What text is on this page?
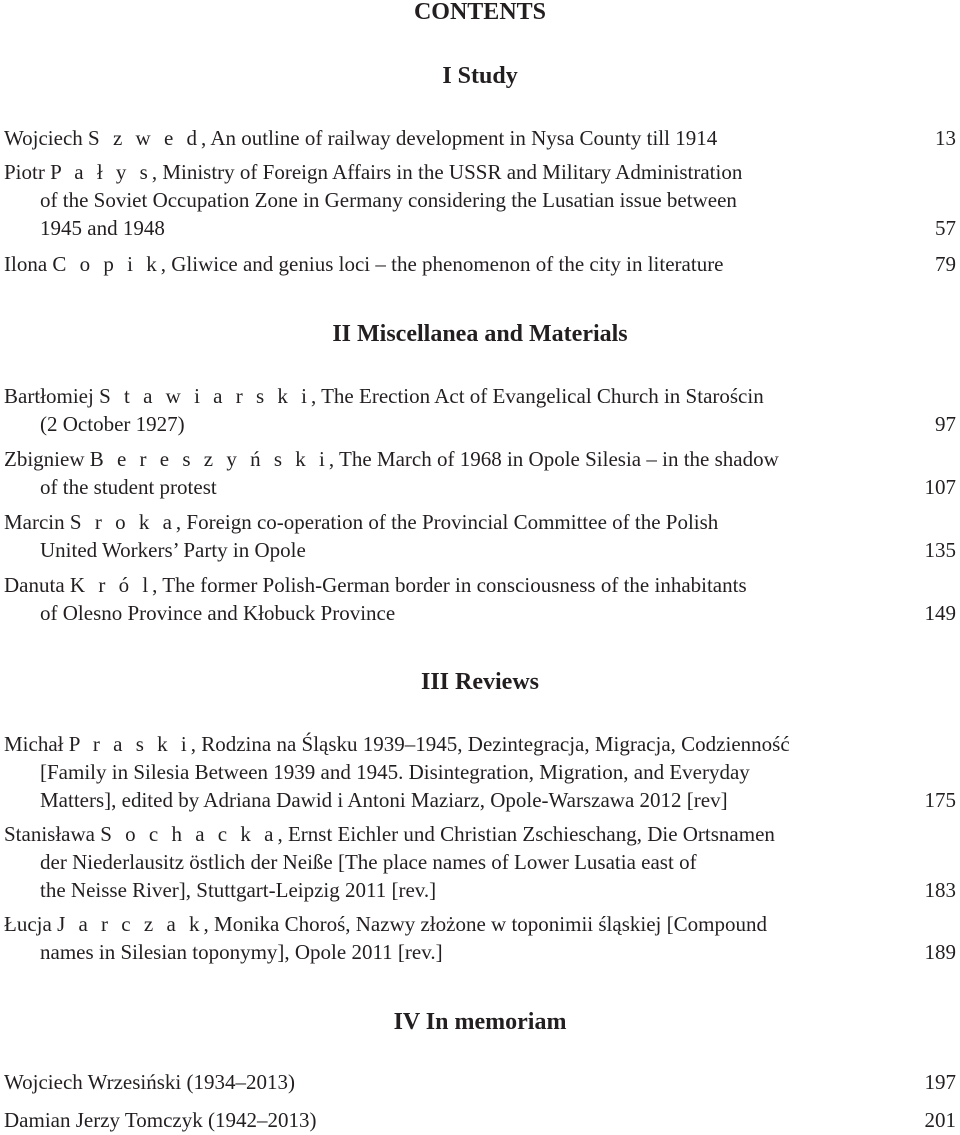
CONTENTS
I Study
Wojciech S z w e d, An outline of railway development in Nysa County till 1914	13
Piotr P a ł y s, Ministry of Foreign Affairs in the USSR and Military Administration
of the Soviet Occupation Zone in Germany considering the Lusatian issue between
1945 and 1948	57
Ilona C o p i k, Gliwice and genius loci – the phenomenon of the city in literature	79
II Miscellanea and Materials
Bartłomiej S t a w i a r s k i, The Erection Act of Evangelical Church in Starościn
(2 October 1927)	97
Zbigniew B e r e s z y ń s k i, The March of 1968 in Opole Silesia – in the shadow
of the student protest	107
Marcin S r o k a, Foreign co-operation of the Provincial Committee of the Polish
United Workers’ Party in Opole	135
Danuta K r ó l, The former Polish-German border in consciousness of the inhabitants
of Olesno Province and Kłobuck Province	149
III Reviews
Michał P r a s k i, Rodzina na Śląsku 1939–1945, Dezintegracja, Migracja, Codzienność
[Family in Silesia Between 1939 and 1945. Disintegration, Migration, and Everyday
Matters], edited by Adriana Dawid i Antoni Maziarz, Opole-Warszawa 2012 [rev]	175
Stanisława S o c h a c k a, Ernst Eichler und Christian Zschieschang, Die Ortsnamen
der Niederlausitz östlich der Neiße [The place names of Lower Lusatia east of
the Neisse River], Stuttgart-Leipzig 2011 [rev.]	183
Łucja J a r c z a k, Monika Choroś, Nazwy złożone w toponimii śląskiej [Compound
names in Silesian toponymy], Opole 2011 [rev.]	189
IV In memoriam
Wojciech Wrzesiński (1934–2013)	197
Damian Jerzy Tomczyk (1942–2013)	201
